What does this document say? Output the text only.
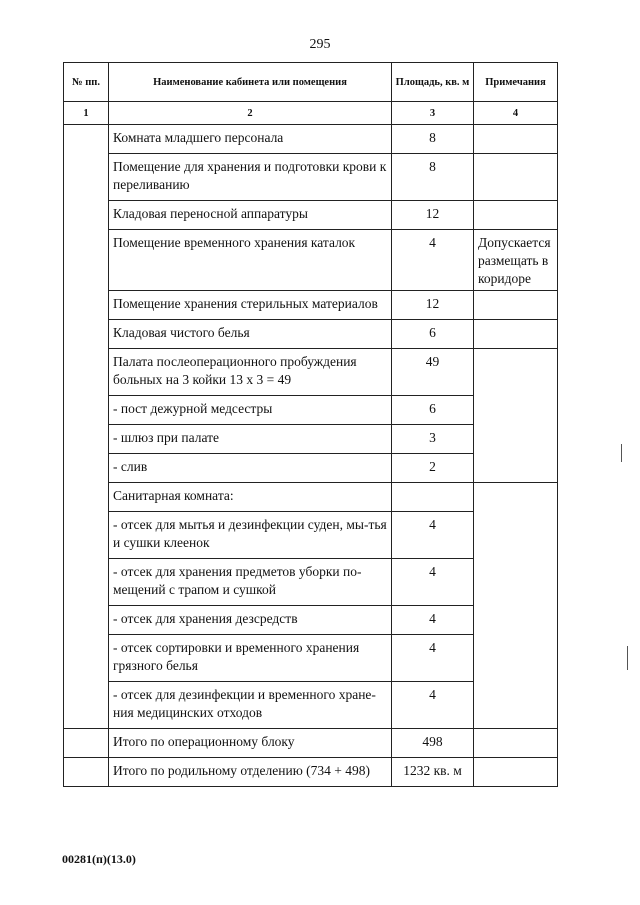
295
№ пп.	Наименование кабинета или помещения	Площадь, кв. м	Примечания
1	2	3	4
	Комната младшего персонала	8	
	Помещение для хранения и подготовки крови к переливанию	8	
	Кладовая переносной аппаратуры	12	
	Помещение временного хранения каталок	4	Допускается размещать в коридоре
	Помещение хранения стерильных материалов	12	
	Кладовая чистого белья	6	
	Палата послеоперационного пробуждения больных на 3 койки 13 х 3 = 49	49	
	- пост дежурной медсестры	6	
	- шлюз при палате	3	
	- слив	2	
	Санитарная комната:		
	- отсек для мытья и дезинфекции суден, мы-тья и сушки клеенок	4	
	- отсек для хранения предметов уборки по-мещений с трапом и сушкой	4	
	- отсек для хранения дезсредств	4	
	- отсек сортировки и временного хранения грязного белья	4	
	- отсек для дезинфекции и временного хране-ния медицинских отходов	4	
	Итого по операционному блоку	498	
	Итого по родильному отделению (734 + 498)	1232 кв. м	
00281(п)(13.0)
